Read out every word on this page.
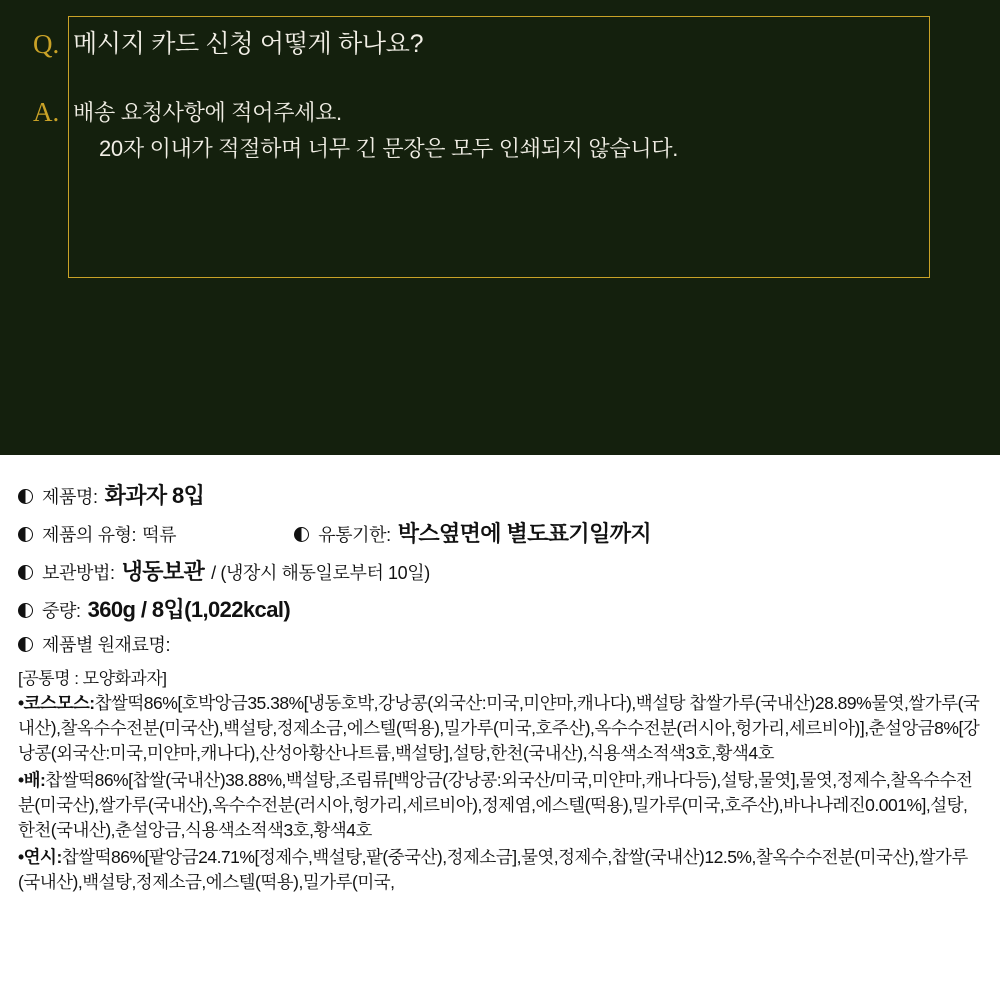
Q. 메시지 카드 신청 어떻게 하나요?
A. 배송 요청사항에 적어주세요.
20자 이내가 적절하며 너무 긴 문장은 모두 인쇄되지 않습니다.
제품명: 화과자 8입
제품의 유형: 떡류	유통기한: 박스옆면에 별도표기일까지
보관방법: 냉동보관 / (냉장시 해동일로부터 10일)
중량: 360g / 8입(1,022kcal)
제품별 원재료명:
[공통명 : 모양화과자]
•코스모스:찹쌀떡86%[호박앙금35.38%[냉동호박,강낭콩(외국산:미국,미얀마,캐나다),백설탕 찹쌀가루(국내산)28.89%물엿,쌀가루(국내산),찰옥수수전분(미국산),백설탕,정제소금,에스텔(떡용),밀가루(미국,호주산),옥수수전분(러시아,헝가리,세르비아)],춘설앙금8%[강낭콩(외국산:미국,미얀마,캐나다),산성아황산나트륨,백설탕],설탕,한천(국내산),식용색소적색3호,황색4호
•배:찹쌀떡86%[찹쌀(국내산)38.88%,백설탕,조림류[백앙금(강낭콩:외국산/미국,미얀마,캐나다등),설탕,물엿],물엿,정제수,찰옥수수전분(미국산),쌀가루(국내산),옥수수전분(러시아,헝가리,세르비아),정제염,에스텔(떡용),밀가루(미국,호주산),바나나레진0.001%],설탕,한천(국내산),춘설앙금,식용색소적색3호,황색4호
•연시:찹쌀떡86%[팥앙금24.71%[정제수,백설탕,팥(중국산),정제소금],물엿,정제수,찹쌀(국내산)12.5%,찰옥수수전분(미국산),쌀가루(국내산),백설탕,정제소금,에스텔(떡용),밀가루(미국,
